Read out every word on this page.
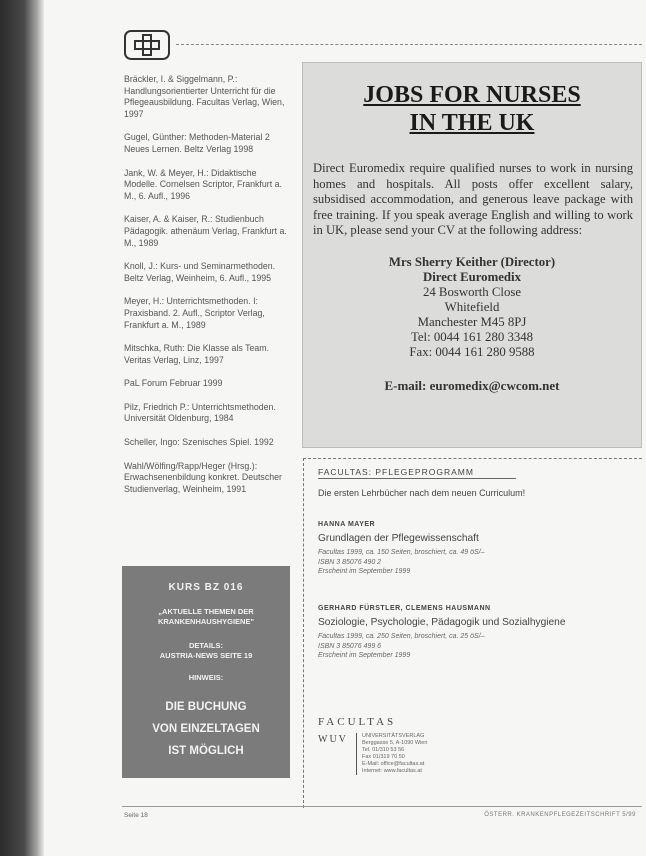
Bräckler, I. & Siggelmann, P.: Handlungsorientierter Unterricht für die Pflegeausbildung. Facultas Verlag, Wien, 1997

Gugel, Günther: Methoden-Material 2 Neues Lernen. Beltz Verlag 1998

Jank, W. & Meyer, H.: Didaktische Modelle. Cornelsen Scriptor, Frankfurt a. M., 6. Aufl., 1996

Kaiser, A. & Kaiser, R.: Studienbuch Pädagogik. athenäum Verlag, Frankfurt a. M., 1989

Knoll, J.: Kurs- und Seminarmethoden. Beltz Verlag, Weinheim, 6. Aufl., 1995

Meyer, H.: Unterrichtsmethoden. I: Praxisband. 2. Aufl., Scriptor Verlag, Frankfurt a. M., 1989

Mitschka, Ruth: Die Klasse als Team. Veritas Verlag, Linz, 1997

PaL Forum Februar 1999

Pilz, Friedrich P.: Unterrichtsmethoden. Universität Oldenburg, 1984

Scheller, Ingo: Szenisches Spiel. 1992

Wahl/Wölfing/Rapp/Heger (Hrsg.): Erwachsenenbildung konkret. Deutscher Studienverlag, Weinheim, 1991

JOBS FOR NURSES
IN THE UK
Direct Euromedix require qualified nurses to work in nursing homes and hospitals. All posts offer excellent salary, subsidised accommodation, and generous leave package with free training. If you speak average English and willing to work in UK, please send your CV at the following address:
Mrs Sherry Keither (Director)
Direct Euromedix
24 Bosworth Close
Whitefield
Manchester M45 8PJ
Tel: 0044 161 280 3348
Fax: 0044 161 280 9588
E-mail: euromedix@cwcom.net
FACULTAS: PFLEGEPROGRAMM
Die ersten Lehrbücher nach dem neuen Curriculum!
HANNA MAYER
Grundlagen der Pflegewissenschaft
Facultas 1999, ca. 150 Seiten, broschiert, ca. 49 öS/–
ISBN 3 85076 490 2
Erscheint im September 1999
GERHARD FÜRSTLER, CLEMENS HAUSMANN
Soziologie, Psychologie, Pädagogik und Sozialhygiene
Facultas 1999, ca. 250 Seiten, broschiert, ca. 25 öS/–
ISBN 3 85076 499 6
Erscheint im September 1999
FACULTAS
WUV	UNIVERSITÄTSVERLAG
Berggasse 5, A-1090 Wien
Tel. 01/310 53 56
Fax 01/319 70 50
E-Mail: office@facultas.at
Internet: www.facultas.at
KURS BZ 016
„AKTUELLE THEMEN DER KRANKENHAUSHYGIENE"
DETAILS:
AUSTRIA-NEWS SEITE 19
HINWEIS:
DIE BUCHUNG
VON EINZELTAGEN
IST MÖGLICH
Seite 18	ÖSTERR. KRANKENPFLEGEZEITSCHRIFT 5/99
